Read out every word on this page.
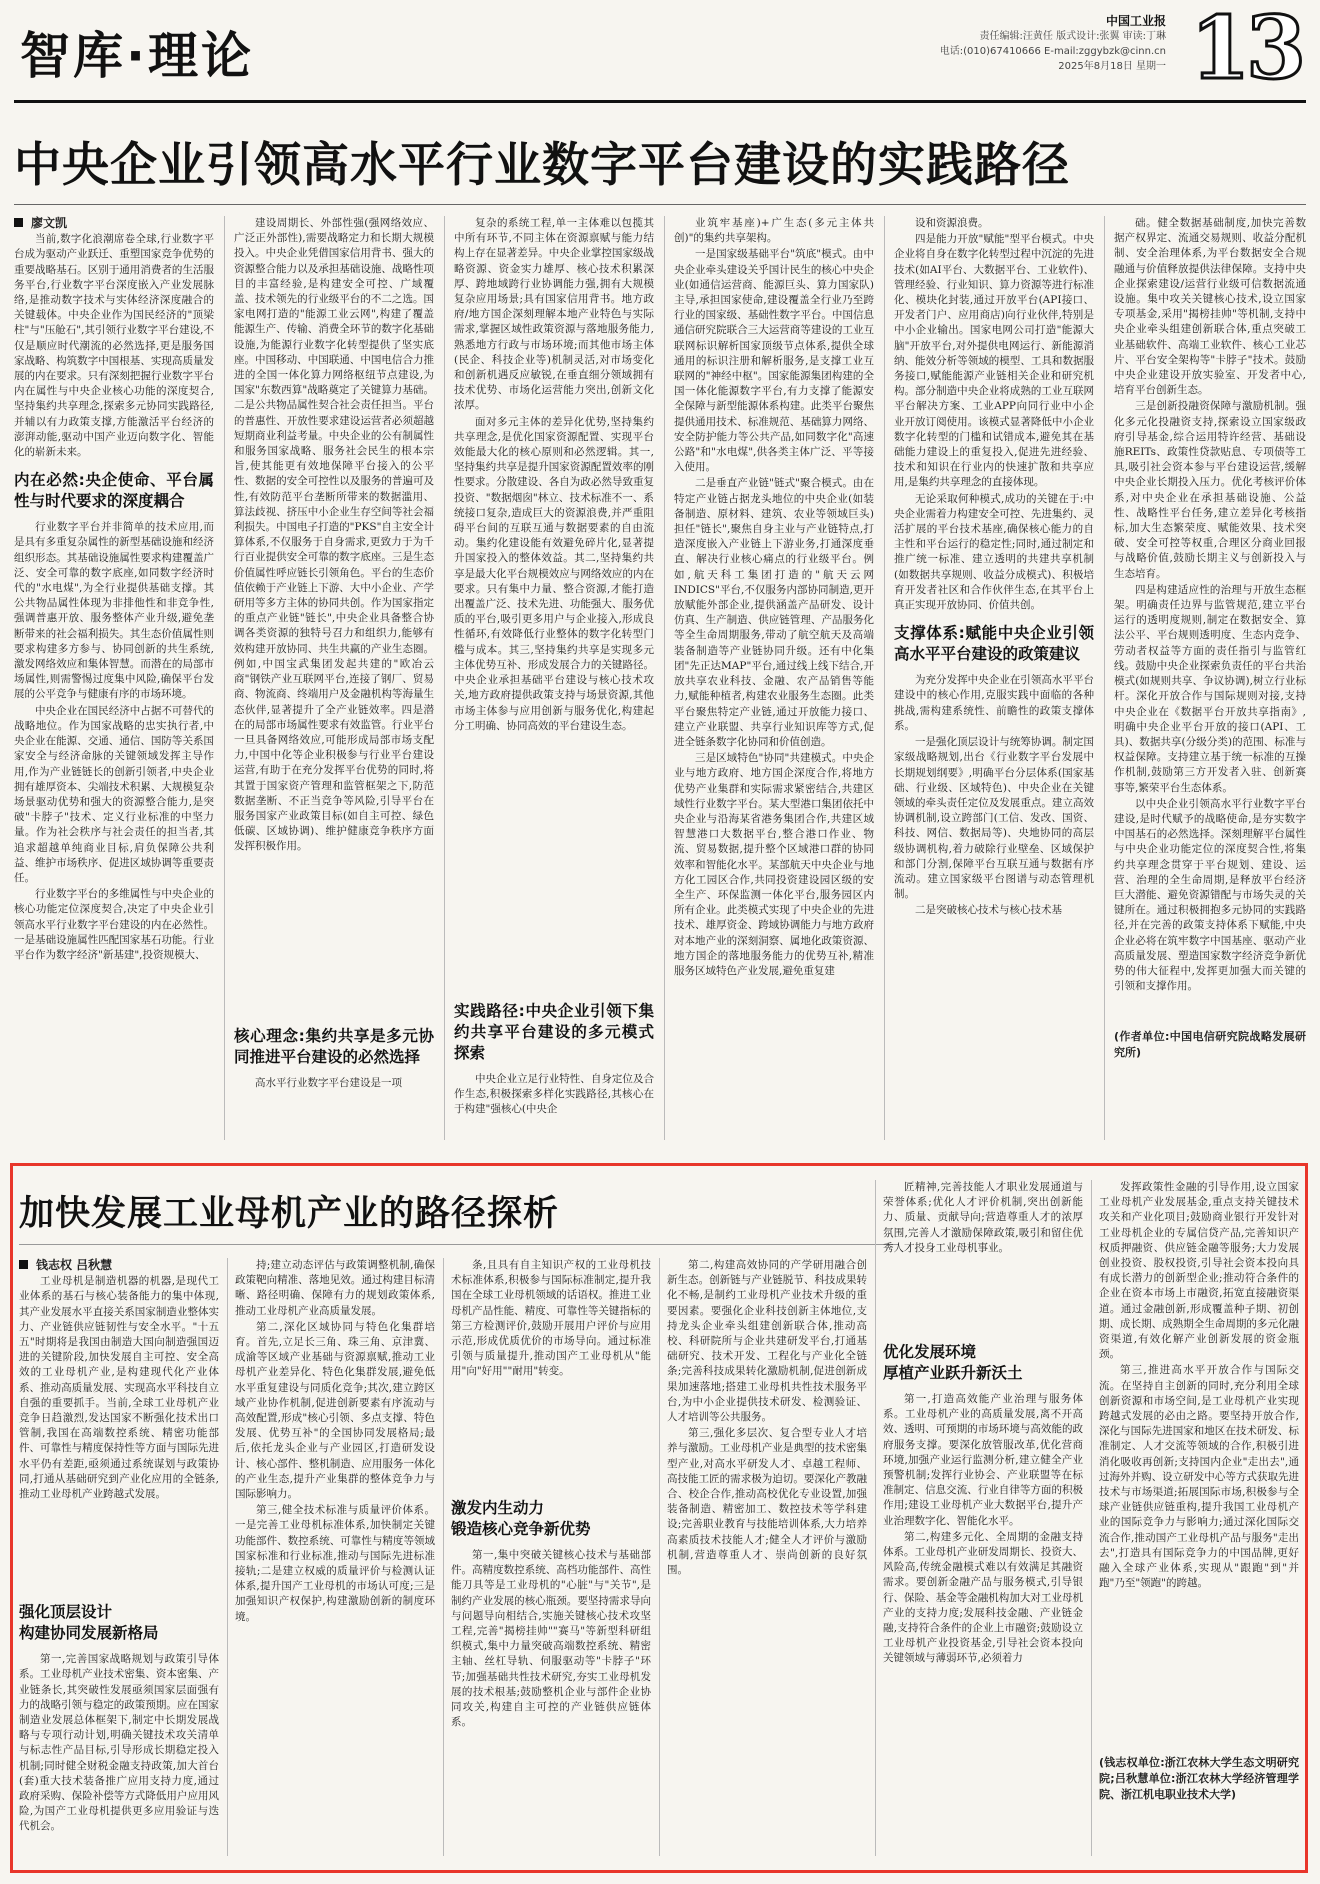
智库·理论
中国工业报
责任编辑:汪黄任 版式设计:张翼 审读:丁琳
电话:(010)67410666 E-mail:zggybzk@cinn.cn
2025年8月18日 星期一 13
中央企业引领高水平行业数字平台建设的实践路径

廖文凯

当前,数字化浪潮席卷全球,行业数字平台成为驱动产业跃迁、重塑国家竞争优势的重要战略基石。区别于通用消费者的生活服务平台,行业数字平台深度嵌入产业发展脉络,是推动数字技术与实体经济深度融合的关键载体。中央企业作为国民经济的"顶梁柱"与"压舱石",其引领行业数字平台建设,不仅是顺应时代潮流的必然选择,更是服务国家战略、构筑数字中国根基、实现高质量发展的内在要求。只有深刻把握行业数字平台内在属性与中央企业核心功能的深度契合,坚持集约共享理念,探索多元协同实践路径,并辅以有力政策支撑,方能激活平台经济的澎湃动能,驱动中国产业迈向数字化、智能化的崭新未来。

内在必然:央企使命、平台属性与时代要求的深度耦合

行业数字平台并非简单的技术应用,而是具有多重复杂属性的新型基础设施和经济组织形态。其基础设施属性要求构建覆盖广泛、安全可靠的数字底座,如同数字经济时代的"水电煤",为全行业提供基础支撑。其公共物品属性体现为非排他性和非竞争性,强调普惠开放、服务整体产业升级,避免垄断带来的社会福利损失。其生态价值属性则要求构建多方参与、协同创新的共生系统,激发网络效应和集体智慧。而潜在的局部市场属性,则需警惕过度集中风险,确保平台发展的公平竞争与健康有序的市场环境。

中央企业在国民经济中占据不可替代的战略地位。作为国家战略的忠实执行者,中央企业在能源、交通、通信、国防等关系国家安全与经济命脉的关键领域发挥主导作用,作为产业链链长的创新引领者,中央企业拥有雄厚资本、尖端技术积累、大规模复杂场景驱动优势和强大的资源整合能力,是突破"卡脖子"技术、定义行业标准的中坚力量。作为社会秩序与社会责任的担当者,其追求超越单纯商业目标,肩负保障公共利益、维护市场秩序、促进区域协调等重要责任。

行业数字平台的多维属性与中央企业的核心功能定位深度契合,决定了中央企业引领高水平行业数字平台建设的内在必然性。一是基础设施属性匹配国家基石功能。行业平台作为数字经济"新基建",投资规模大、

建设周期长、外部性强(强网络效应、广泛正外部性),需要战略定力和长期大规模投入。中央企业凭借国家信用背书、强大的资源整合能力以及承担基础设施、战略性项目的丰富经验,是构建安全可控、广域覆盖、技术领先的行业级平台的不二之选。国家电网打造的"能源工业云网",构建了覆盖能源生产、传输、消费全环节的数字化基础设施,为能源行业数字化转型提供了坚实底座。中国移动、中国联通、中国电信合力推进的全国一体化算力网络枢纽节点建设,为国家"东数西算"战略奠定了关键算力基础。二是公共物品属性契合社会责任担当。平台的普惠性、开放性要求建设运营者必须超越短期商业利益考量。中央企业的公有制属性和服务国家战略、服务社会民生的根本宗旨,使其能更有效地保障平台接入的公平性、数据的安全可控性以及服务的普遍可及性,有效防范平台垄断所带来的数据滥用、算法歧视、挤压中小企业生存空间等社会福利损失。中国电子打造的"PKS"自主安全计算体系,不仅服务于自身需求,更致力于为千行百业提供安全可靠的数字底座。三是生态价值属性呼应链长引领角色。平台的生态价值依赖于产业链上下游、大中小企业、产学研用等多方主体的协同共创。作为国家指定的重点产业链"链长",中央企业具备整合协调各类资源的独特号召力和组织力,能够有效构建开放协同、共生共赢的产业生态圈。例如,中国宝武集团发起共建的"欧冶云商"钢铁产业互联网平台,连接了钢厂、贸易商、物流商、终端用户及金融机构等海量生态伙伴,显著提升了全产业链效率。四是潜在的局部市场属性要求有效监管。行业平台一旦具备网络效应,可能形成局部市场支配力,中国中化等企业积极参与行业平台建设运营,有助于在充分发挥平台优势的同时,将其置于国家资产管理和监管框架之下,防范数据垄断、不正当竞争等风险,引导平台在服务国家产业政策目标(如自主可控、绿色低碳、区域协调)、维护健康竞争秩序方面发挥积极作用。

核心理念:集约共享是多元协同推进平台建设的必然选择

高水平行业数字平台建设是一项

复杂的系统工程,单一主体难以包揽其中所有环节,不同主体在资源禀赋与能力结构上存在显著差异。中央企业掌控国家级战略资源、资金实力雄厚、核心技术积累深厚、跨地域跨行业协调能力强,拥有大规模复杂应用场景;具有国家信用背书。地方政府/地方国企深刻理解本地产业特色与实际需求,掌握区域性政策资源与落地服务能力,熟悉地方行政与市场环境;而其他市场主体(民企、科技企业等)机制灵活,对市场变化和创新机遇反应敏锐,在垂直细分领域拥有技术优势、市场化运营能力突出,创新文化浓厚。

面对多元主体的差异化优势,坚持集约共享理念,是优化国家资源配置、实现平台效能最大化的核心原则和必然逻辑。其一,坚持集约共享是提升国家资源配置效率的刚性要求。分散建设、各自为政必然导致重复投资、"数据烟囱"林立、技术标准不一、系统接口复杂,造成巨大的资源浪费,并严重阻碍平台间的互联互通与数据要素的自由流动。集约化建设能有效避免碎片化,显著提升国家投入的整体效益。其二,坚持集约共享是最大化平台规模效应与网络效应的内在要求。只有集中力量、整合资源,才能打造出覆盖广泛、技术先进、功能强大、服务优质的平台,吸引更多用户与企业接入,形成良性循环,有效降低行业整体的数字化转型门槛与成本。其三,坚持集约共享是实现多元主体优势互补、形成发展合力的关键路径。中央企业承担基础平台建设与核心技术攻关,地方政府提供政策支持与场景资源,其他市场主体参与应用创新与服务优化,构建起分工明确、协同高效的平台建设生态。

实践路径:中央企业引领下集约共享平台建设的多元模式探索

中央企业立足行业特性、自身定位及合作生态,积极探索多样化实践路径,其核心在于构建"强核心(中央企

业筑牢基座)+广生态(多元主体共创)"的集约共享架构。

一是国家级基础平台"筑底"模式。由中央企业牵头建设关乎国计民生的核心中央企业(如通信运营商、能源巨头、算力国家队)主导,承担国家使命,建设覆盖全行业乃至跨行业的国家级、基础性数字平台。中国信息通信研究院联合三大运营商等建设的工业互联网标识解析国家顶级节点体系,提供全球通用的标识注册和解析服务,是支撑工业互联网的"神经中枢"。国家能源集团构建的全国一体化能源数字平台,有力支撑了能源安全保障与新型能源体系构建。此类平台聚焦提供通用技术、标准规范、基础算力网络、安全防护能力等公共产品,如同数字化"高速公路"和"水电煤",供各类主体广泛、平等接入使用。

二是垂直产业链"链式"聚合模式。由在特定产业链占据龙头地位的中央企业(如装备制造、原材料、建筑、农业等领域巨头)担任"链长",聚焦自身主业与产业链特点,打造深度嵌入产业链上下游业务,打通深度垂直、解决行业核心痛点的行业级平台。例如,航天科工集团打造的"航天云网INDICS"平台,不仅服务内部协同制造,更开放赋能外部企业,提供涵盖产品研发、设计仿真、生产制造、供应链管理、产品服务化等全生命周期服务,带动了航空航天及高端装备制造等产业链协同升级。还有中化集团"先正达MAP"平台,通过线上线下结合,开放共享农业科技、金融、农产品销售等能力,赋能种植者,构建农业服务生态圈。此类平台聚焦特定产业链,通过开放能力接口、建立产业联盟、共享行业知识库等方式,促进全链条数字化协同和价值创造。

三是区域特色"协同"共建模式。中央企业与地方政府、地方国企深度合作,将地方优势产业集群和实际需求紧密结合,共建区域性行业数字平台。某大型港口集团依托中央企业与沿海某省港务集团合作,共建区域智慧港口大数据平台,整合港口作业、物流、贸易数据,提升整个区域港口群的协同效率和智能化水平。某部航天中央企业与地方化工园区合作,共同投资建设园区级的安全生产、环保监测一体化平台,服务园区内所有企业。此类模式实现了中央企业的先进技术、雄厚资金、跨域协调能力与地方政府对本地产业的深刻洞察、属地化政策资源、地方国企的落地服务能力的优势互补,精准服务区域特色产业发展,避免重复建

设和资源浪费。

四是能力开放"赋能"型平台模式。中央企业将自身在数字化转型过程中沉淀的先进技术(如AI平台、大数据平台、工业软件)、管理经验、行业知识、算力资源等进行标准化、模块化封装,通过开放平台(API接口、开发者门户、应用商店)向行业伙伴,特别是中小企业输出。国家电网公司打造"能源大脑"开放平台,对外提供电网运行、新能源消纳、能效分析等领域的模型、工具和数据服务接口,赋能能源产业链相关企业和研究机构。部分制造中央企业将成熟的工业互联网平台解决方案、工业APP向同行业中小企业开放订阅使用。该模式显著降低中小企业数字化转型的门槛和试错成本,避免其在基础能力建设上的重复投入,促进先进经验、技术和知识在行业内的快速扩散和共享应用,是集约共享理念的直接体现。

无论采取何种模式,成功的关键在于:中央企业需着力构建安全可控、先进集约、灵活扩展的平台技术基座,确保核心能力的自主性和平台运行的稳定性;同时,通过制定和推广统一标准、建立透明的共建共享机制(如数据共享规则、收益分成模式)、积极培育开发者社区和合作伙伴生态,在其平台上真正实现开放协同、价值共创。

支撑体系:赋能中央企业引领高水平平台建设的政策建议

为充分发挥中央企业在引领高水平平台建设中的核心作用,克服实践中面临的各种挑战,需构建系统性、前瞻性的政策支撑体系。

一是强化顶层设计与统筹协调。制定国家级战略规划,出台《行业数字平台发展中长期规划纲要》,明确平台分层体系(国家基础、行业级、区域特色)、中央企业在关键领域的牵头责任定位及发展重点。建立高效协调机制,设立跨部门(工信、发改、国资、科技、网信、数据局等)、央地协同的高层级协调机构,着力破除行业壁垒、区域保护和部门分割,保障平台互联互通与数据有序流动。建立国家级平台图谱与动态管理机制。

二是突破核心技术与核心技术基

础。健全数据基础制度,加快完善数据产权界定、流通交易规则、收益分配机制、安全治理体系,为平台数据安全合规融通与价值释放提供法律保障。支持中央企业探索建设/运营行业级可信数据流通设施。集中攻关关键核心技术,设立国家专项基金,采用"揭榜挂帅"等机制,支持中央企业牵头组建创新联合体,重点突破工业基础软件、高端工业软件、核心工业芯片、平台安全架构等"卡脖子"技术。鼓励中央企业建设开放实验室、开发者中心,培育平台创新生态。

三是创新投融资保障与激励机制。强化多元化投融资支持,探索设立国家级政府引导基金,综合运用特许经营、基础设施REITs、政策性贷款贴息、专项债等工具,吸引社会资本参与平台建设运营,缓解中央企业长期投入压力。优化考核评价体系,对中央企业在承担基础设施、公益性、战略性平台任务,建立差异化考核指标,加大生态繁荣度、赋能效果、技术突破、安全可控等权重,合理区分商业回报与战略价值,鼓励长期主义与创新投入与生态培育。

四是构建适应性的治理与开放生态框架。明确责任边界与监管规范,建立平台运行的透明度规则,制定在数据安全、算法公平、平台规则透明度、生态内竞争、劳动者权益等方面的责任指引与监管红线。鼓励中央企业探索负责任的平台共治模式(如规则共享、争议协调),树立行业标杆。深化开放合作与国际规则对接,支持中央企业在《数据平台开放共享指南》,明确中央企业平台开放的接口(API、工具)、数据共享(分级分类)的范围、标准与权益保障。支持建立基于统一标准的互操作机制,鼓励第三方开发者入驻、创新赛事等,繁荣平台生态体系。

以中央企业引领高水平行业数字平台建设,是时代赋予的战略使命,是夯实数字中国基石的必然选择。深刻理解平台属性与中央企业功能定位的深度契合性,将集约共享理念贯穿于平台规划、建设、运营、治理的全生命周期,是释放平台经济巨大潜能、避免资源错配与市场失灵的关键所在。通过积极拥抱多元协同的实践路径,并在完善的政策支持体系下赋能,中央企业必将在筑牢数字中国基座、驱动产业高质量发展、塑造国家数字经济竞争新优势的伟大征程中,发挥更加强大而关键的引领和支撑作用。

(作者单位:中国电信研究院战略发展研究所)
加快发展工业母机产业的路径探析

钱志权 吕秋慧

工业母机是制造机器的机器,是现代工业体系的基石与核心装备能力的集中体现,其产业发展水平直接关系国家制造业整体实力、产业链供应链韧性与安全水平。"十五五"时期将是我国由制造大国向制造强国迈进的关键阶段,加快发展自主可控、安全高效的工业母机产业,是构建现代化产业体系、推动高质量发展、实现高水平科技自立自强的重要抓手。当前,全球工业母机产业竞争日趋激烈,发达国家不断强化技术出口管制,我国在高端数控系统、精密功能部件、可靠性与精度保持性等方面与国际先进水平仍有差距,亟须通过系统谋划与政策协同,打通从基础研究到产业化应用的全链条,推动工业母机产业跨越式发展。

强化顶层设计
构建协同发展新格局

第一,完善国家战略规划与政策引导体系。工业母机产业技术密集、资本密集、产业链条长,其突破性发展亟须国家层面强有力的战略引领与稳定的政策预期。应在国家制造业发展总体框架下,制定中长期发展战略与专项行动计划,明确关键技术攻关清单与标志性产品目标,引导形成长期稳定投入机制;同时健全财税金融支持政策,加大首台(套)重大技术装备推广应用支持力度,通过政府采购、保险补偿等方式降低用户应用风险,为国产工业母机提供更多应用验证与迭代机会。

持;建立动态评估与政策调整机制,确保政策靶向精准、落地见效。通过构建目标清晰、路径明确、保障有力的规划政策体系,推动工业母机产业高质量发展。

第二,深化区域协同与特色化集群培育。首先,立足长三角、珠三角、京津冀、成渝等区域产业基础与资源禀赋,推动工业母机产业差异化、特色化集群发展,避免低水平重复建设与同质化竞争;其次,建立跨区域产业协作机制,促进创新要素有序流动与高效配置,形成"核心引领、多点支撑、特色发展、优势互补"的全国协同发展格局;最后,依托龙头企业与产业园区,打造研发设计、核心部件、整机制造、应用服务一体化的产业生态,提升产业集群的整体竞争力与国际影响力。

第三,健全技术标准与质量评价体系。一是完善工业母机标准体系,加快制定关键功能部件、数控系统、可靠性与精度等领域国家标准和行业标准,推动与国际先进标准接轨;二是建立权威的质量评价与检测认证体系,提升国产工业母机的市场认可度;三是加强知识产权保护,构建激励创新的制度环境。

条,且具有自主知识产权的工业母机技术标准体系,积极参与国际标准制定,提升我国在全球工业母机领域的话语权。推进工业母机产品性能、精度、可靠性等关键指标的第三方检测评价,鼓励开展用户评价与应用示范,形成优质优价的市场导向。通过标准引领与质量提升,推动国产工业母机从"能用"向"好用""耐用"转变。

激发内生动力
锻造核心竞争新优势

第一,集中突破关键核心技术与基础部件。高精度数控系统、高档功能部件、高性能刀具等是工业母机的"心脏"与"关节",是制约产业发展的核心瓶颈。要坚持需求导向与问题导向相结合,实施关键核心技术攻坚工程,完善"揭榜挂帅""赛马"等新型科研组织模式,集中力量突破高端数控系统、精密主轴、丝杠导轨、伺服驱动等"卡脖子"环节;加强基础共性技术研究,夯实工业母机发展的技术根基;鼓励整机企业与部件企业协同攻关,构建自主可控的产业链供应链体系。

第二,构建高效协同的产学研用融合创新生态。创新链与产业链脱节、科技成果转化不畅,是制约工业母机产业技术升级的重要因素。要强化企业科技创新主体地位,支持龙头企业牵头组建创新联合体,推动高校、科研院所与企业共建研发平台,打通基础研究、技术开发、工程化与产业化全链条;完善科技成果转化激励机制,促进创新成果加速落地;搭建工业母机共性技术服务平台,为中小企业提供技术研发、检测验证、人才培训等公共服务。

第三,强化多层次、复合型专业人才培养与激励。工业母机产业是典型的技术密集型产业,对高水平研发人才、卓越工程师、高技能工匠的需求极为迫切。要深化产教融合、校企合作,推动高校优化专业设置,加强装备制造、精密加工、数控技术等学科建设;完善职业教育与技能培训体系,大力培养高素质技术技能人才;健全人才评价与激励机制,营造尊重人才、崇尚创新的良好氛围。

匠精神,完善技能人才职业发展通道与荣誉体系;优化人才评价机制,突出创新能力、质量、贡献导向;营造尊重人才的浓厚氛围,完善人才激励保障政策,吸引和留住优秀人才投身工业母机事业。

优化发展环境
厚植产业跃升新沃土

第一,打造高效能产业治理与服务体系。工业母机产业的高质量发展,离不开高效、透明、可预期的市场环境与高效能的政府服务支撑。要深化放管服改革,优化营商环境,加强产业运行监测分析,建立健全产业预警机制;发挥行业协会、产业联盟等在标准制定、信息交流、行业自律等方面的积极作用;建设工业母机产业大数据平台,提升产业治理数字化、智能化水平。

第二,构建多元化、全周期的金融支持体系。工业母机产业研发周期长、投资大、风险高,传统金融模式难以有效满足其融资需求。要创新金融产品与服务模式,引导银行、保险、基金等金融机构加大对工业母机产业的支持力度;发展科技金融、产业链金融,支持符合条件的企业上市融资;鼓励设立工业母机产业投资基金,引导社会资本投向关键领域与薄弱环节,必须着力

发挥政策性金融的引导作用,设立国家工业母机产业发展基金,重点支持关键技术攻关和产业化项目;鼓励商业银行开发针对工业母机企业的专属信贷产品,完善知识产权质押融资、供应链金融等服务;大力发展创业投资、股权投资,引导社会资本投向具有成长潜力的创新型企业;推动符合条件的企业在资本市场上市融资,拓宽直接融资渠道。通过金融创新,形成覆盖种子期、初创期、成长期、成熟期全生命周期的多元化融资渠道,有效化解产业创新发展的资金瓶颈。

第三,推进高水平开放合作与国际交流。在坚持自主创新的同时,充分利用全球创新资源和市场空间,是工业母机产业实现跨越式发展的必由之路。要坚持开放合作,深化与国际先进国家和地区在技术研发、标准制定、人才交流等领域的合作,积极引进消化吸收再创新;支持国内企业"走出去",通过海外并购、设立研发中心等方式获取先进技术与市场渠道;拓展国际市场,积极参与全球产业链供应链重构,提升我国工业母机产业的国际竞争力与影响力;通过深化国际交流合作,推动国产工业母机产品与服务"走出去",打造具有国际竞争力的中国品牌,更好融入全球产业体系,实现从"跟跑"到"并跑"乃至"领跑"的跨越。

(钱志权单位:浙江农林大学生态文明研究院;吕秋慧单位:浙江农林大学经济管理学院、浙江机电职业技术大学)
